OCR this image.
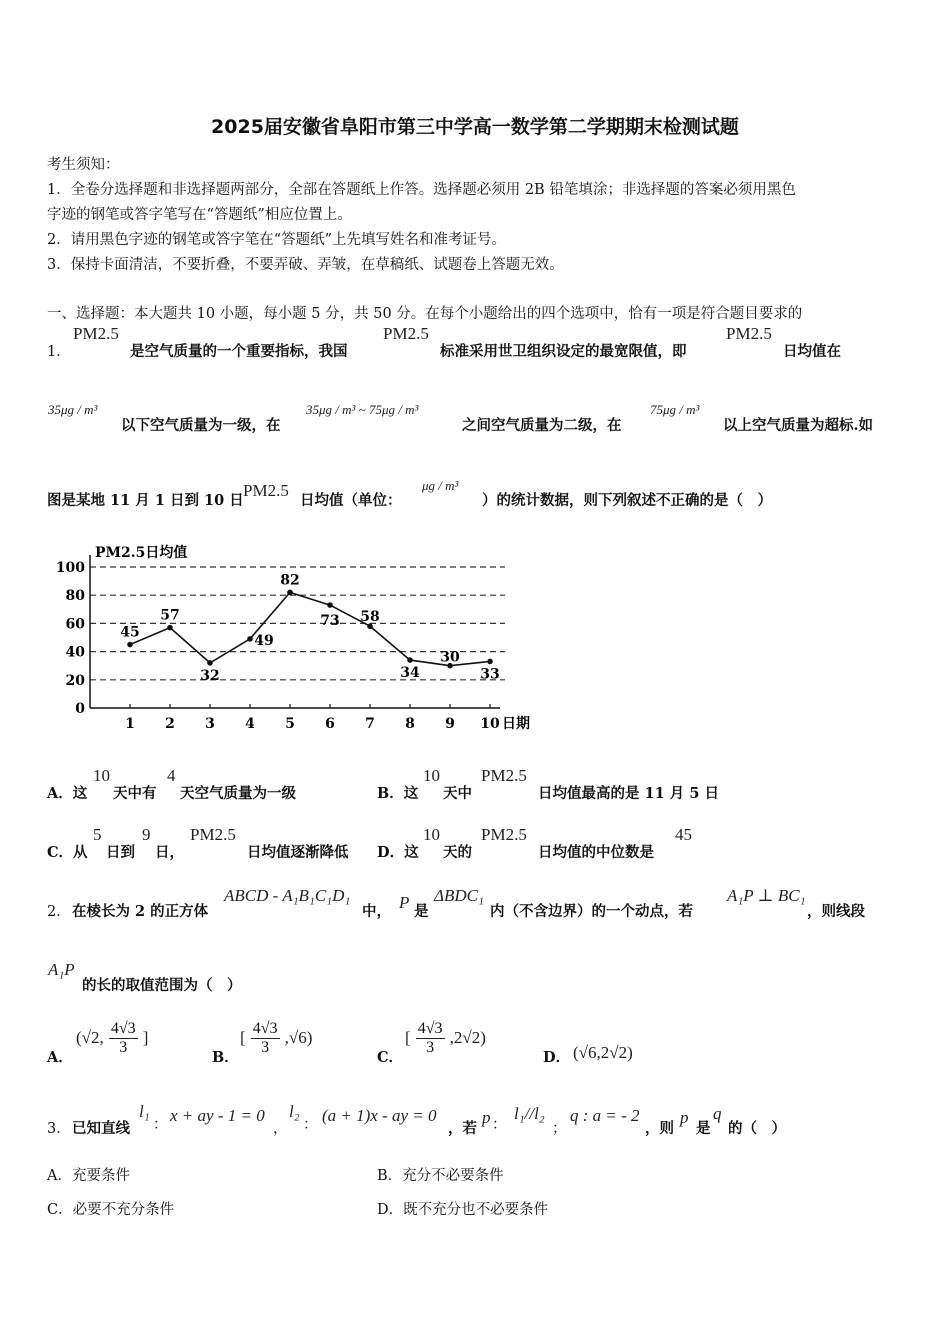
2025届安徽省阜阳市第三中学高一数学第二学期期末检测试题
考生须知：
1．全卷分选择题和非选择题两部分，全部在答题纸上作答。选择题必须用 2B 铅笔填涂；非选择题的答案必须用黑色
字迹的钢笔或答字笔写在“答题纸”相应位置上。
2．请用黑色字迹的钢笔或答字笔在“答题纸”上先填写姓名和准考证号。
3．保持卡面清洁，不要折叠，不要弄破、弄皱，在草稿纸、试题卷上答题无效。
一、选择题：本大题共 10 小题，每小题 5 分，共 50 分。在每个小题给出的四个选项中，恰有一项是符合题目要求的
1．
PM2.5
是空气质量的一个重要指标，我国
PM2.5
标准采用世卫组织设定的最宽限值，即
PM2.5
日均值在
35μg / m³
以下空气质量为一级，在
35μg / m³ ~ 75μg / m³
之间空气质量为二级，在
75μg / m³
以上空气质量为超标.如
图是某地 11 月 1 日到 10 日
PM2.5
日均值（单位：
μg / m³
）的统计数据，则下列叙述不正确的是（　）
PM2.5日均值
0
20
40
60
80
100
1 2 3 4 5 6 7 8 9 10
45
57
32
49
82
73 58
34
30
33
日期
A．这
10
天中有
4
天空气质量为一级	B．这
10
天中
PM2.5
日均值最高的是 11 月 5 日
C．从
5
日到
9
日，
PM2.5
日均值逐渐降低 D．这
10
天的
PM2.5
日均值的中位数是
45
2． 在棱长为 2 的正方体
ABCD - A₁B₁C₁D₁
中， P 是
ΔBDC₁
内（不含边界）的一个动点，若
A₁P ⊥ BC₁
，则线段
A₁P
的长的取值范围为（　）
A．
(√2, $\frac{4√3}{3}$ ]
B．
[ $\frac{4√3}{3} ,√6$)
C．
[ $\frac{4√3}{3} ,2√2$)
D． (√6,2√2)
3． 已知直线
l₁
： x + ay - 1 = 0
，
l₂
： (a + 1)x - ay = 0
，若
p ：
l₁//l₂
；
q : a = - 2
，则
p
是
q
的（　）
A．充要条件	B．充分不必要条件
C．必要不充分条件	D．既不充分也不必要条件
